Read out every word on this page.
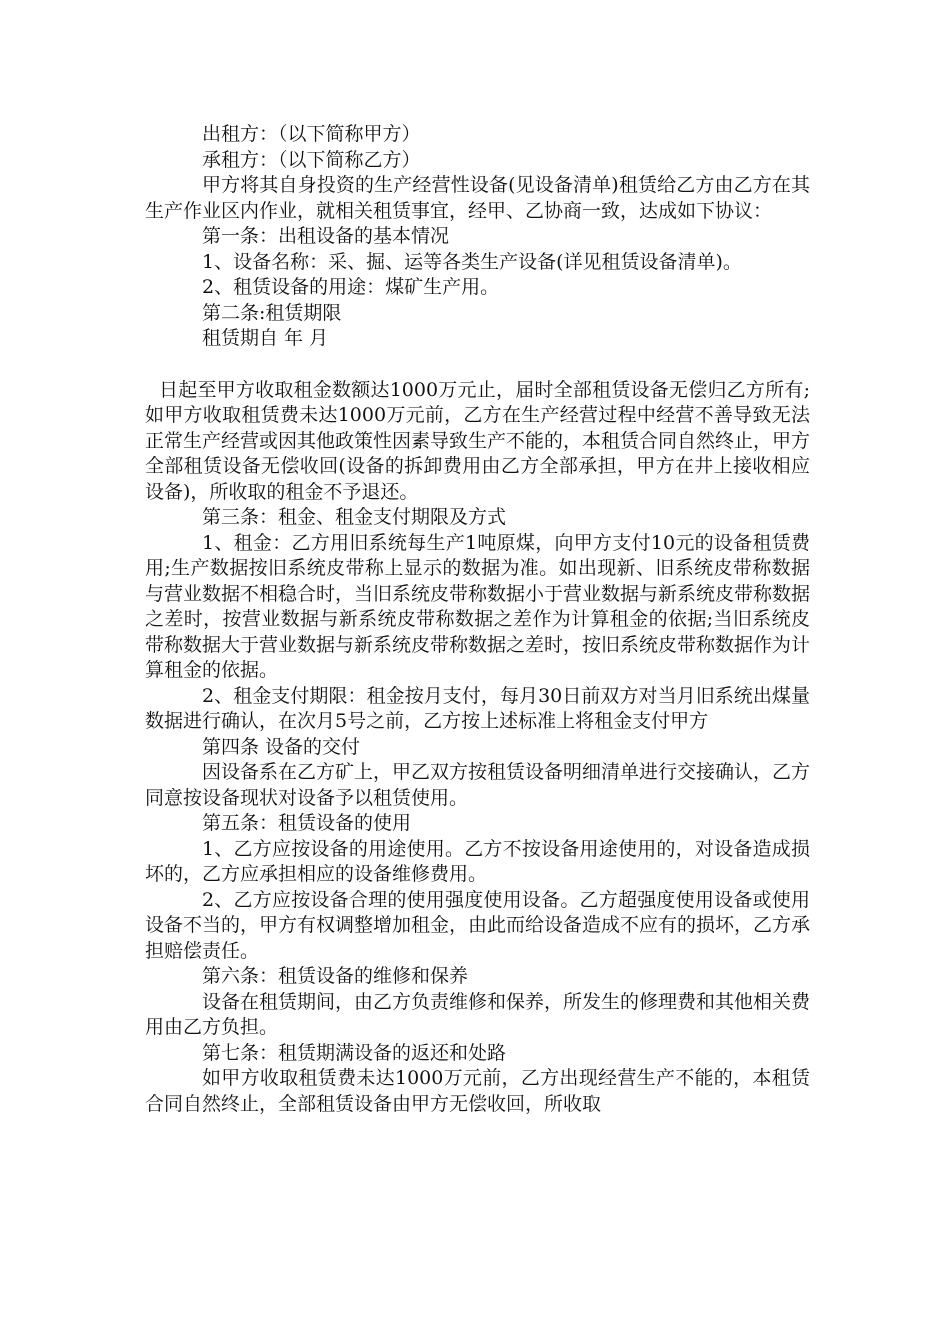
出租方：（以下简称甲方）

承租方：（以下简称乙方）

甲方将其自身投资的生产经营性设备(见设备清单)租赁给乙方由乙方在其生产作业区内作业，就相关租赁事宜，经甲、乙协商一致，达成如下协议：

第一条：出租设备的基本情况

1、设备名称：采、掘、运等各类生产设备(详见租赁设备清单)。

2、租赁设备的用途：煤矿生产用。

第二条:租赁期限

租赁期自 年 月

日起至甲方收取租金数额达1000万元止，届时全部租赁设备无偿归乙方所有;如甲方收取租赁费未达1000万元前，乙方在生产经营过程中经营不善导致无法正常生产经营或因其他政策性因素导致生产不能的，本租赁合同自然终止，甲方全部租赁设备无偿收回(设备的拆卸费用由乙方全部承担，甲方在井上接收相应设备)，所收取的租金不予退还。

第三条：租金、租金支付期限及方式

1、租金：乙方用旧系统每生产1吨原煤，向甲方支付10元的设备租赁费用;生产数据按旧系统皮带称上显示的数据为准。如出现新、旧系统皮带称数据与营业数据不相稳合时，当旧系统皮带称数据小于营业数据与新系统皮带称数据之差时，按营业数据与新系统皮带称数据之差作为计算租金的依据;当旧系统皮带称数据大于营业数据与新系统皮带称数据之差时，按旧系统皮带称数据作为计算租金的依据。

2、租金支付期限：租金按月支付，每月30日前双方对当月旧系统出煤量数据进行确认，在次月5号之前，乙方按上述标准上将租金支付甲方

第四条 设备的交付

因设备系在乙方矿上，甲乙双方按租赁设备明细清单进行交接确认，乙方同意按设备现状对设备予以租赁使用。

第五条：租赁设备的使用

1、乙方应按设备的用途使用。乙方不按设备用途使用的，对设备造成损坏的，乙方应承担相应的设备维修费用。

2、乙方应按设备合理的使用强度使用设备。乙方超强度使用设备或使用设备不当的，甲方有权调整增加租金，由此而给设备造成不应有的损坏，乙方承担赔偿责任。

第六条：租赁设备的维修和保养

设备在租赁期间，由乙方负责维修和保养，所发生的修理费和其他相关费用由乙方负担。

第七条：租赁期满设备的返还和处路

如甲方收取租赁费未达1000万元前，乙方出现经营生产不能的，本租赁合同自然终止，全部租赁设备由甲方无偿收回，所收取
